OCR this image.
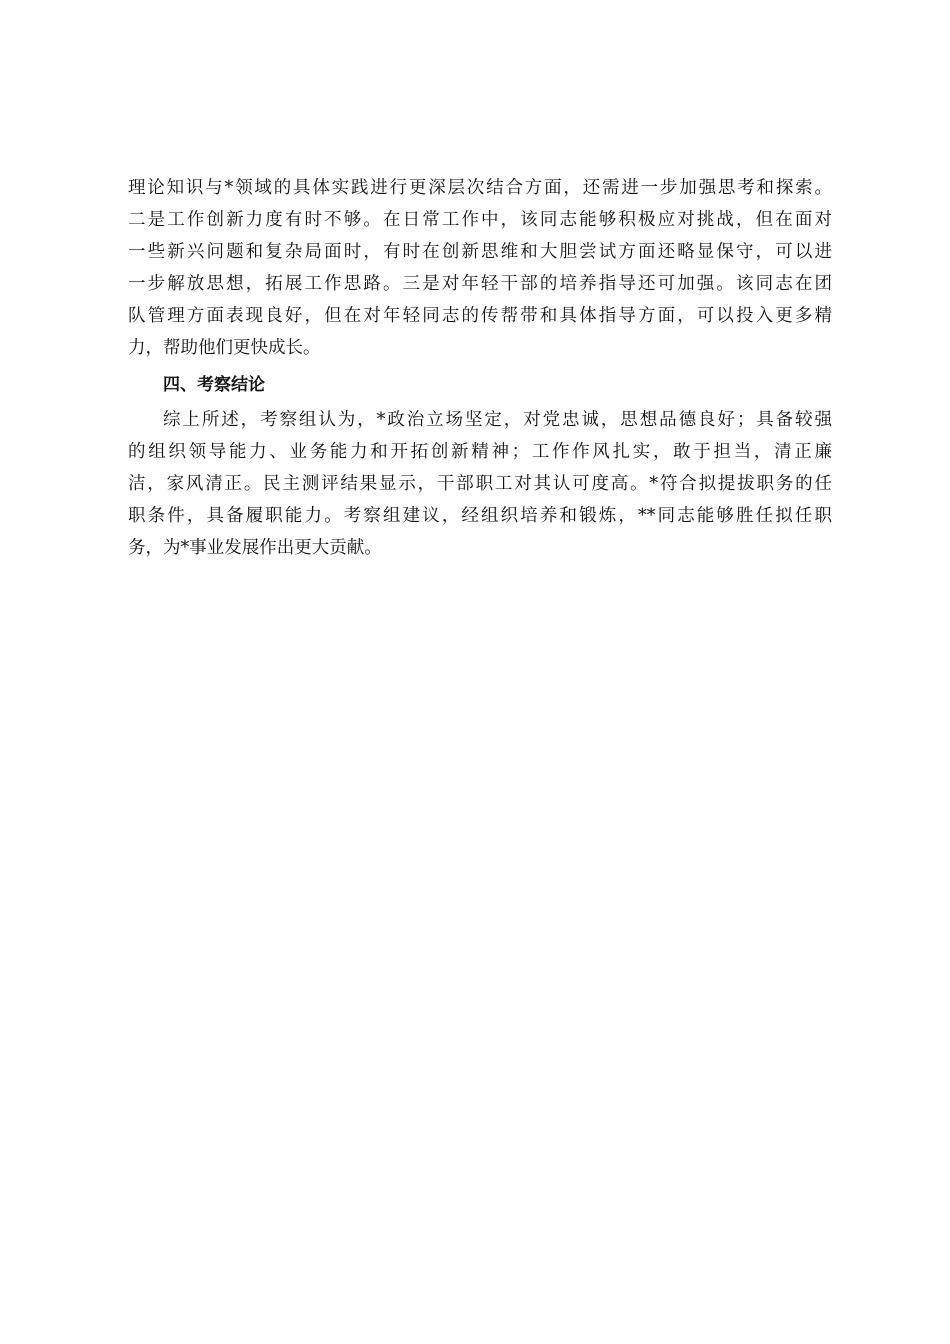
理论知识与*领域的具体实践进行更深层次结合方面，还需进一步加强思考和探索。
二是工作创新力度有时不够。在日常工作中，该同志能够积极应对挑战，但在面对
一些新兴问题和复杂局面时，有时在创新思维和大胆尝试方面还略显保守，可以进
一步解放思想，拓展工作思路。三是对年轻干部的培养指导还可加强。该同志在团
队管理方面表现良好，但在对年轻同志的传帮带和具体指导方面，可以投入更多精
力，帮助他们更快成长。
四、考察结论
综上所述，考察组认为，*政治立场坚定，对党忠诚，思想品德良好；具备较强
的组织领导能力、业务能力和开拓创新精神；工作作风扎实，敢于担当，清正廉
洁，家风清正。民主测评结果显示，干部职工对其认可度高。*符合拟提拔职务的任
职条件，具备履职能力。考察组建议，经组织培养和锻炼，**同志能够胜任拟任职
务，为*事业发展作出更大贡献。
